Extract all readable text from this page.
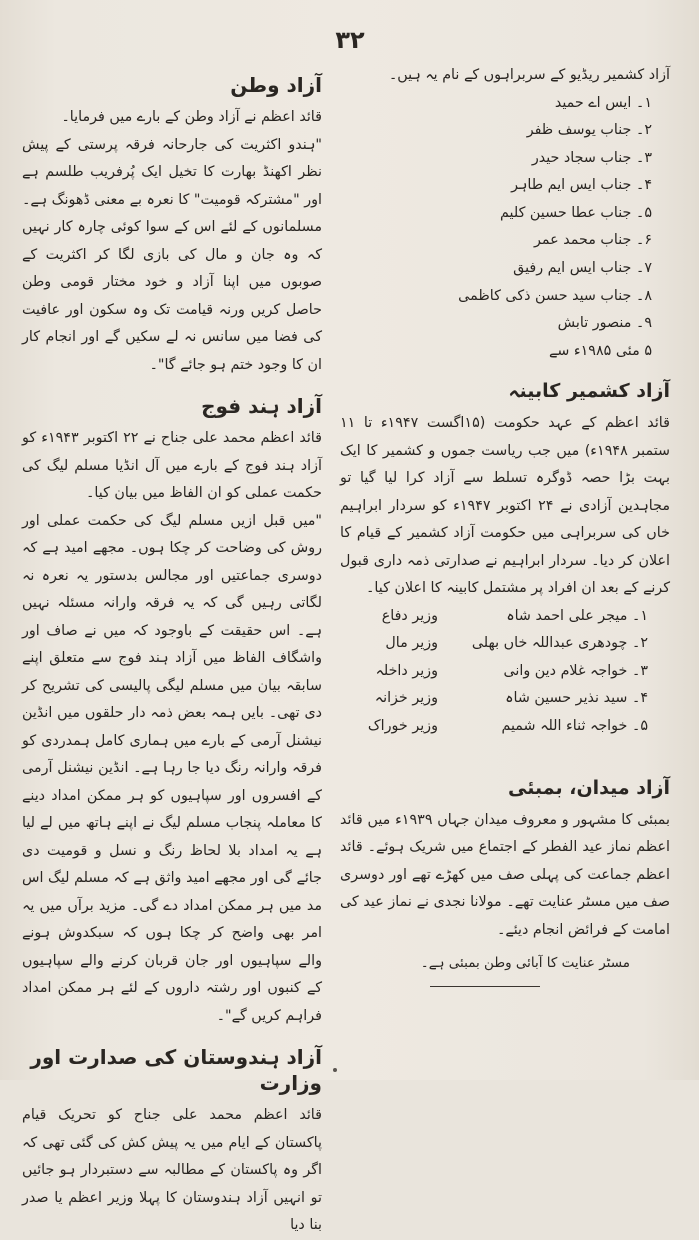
۳۲

آزاد کشمیر ریڈیو کے سربراہوں کے نام یہ ہیں۔

۱۔ ایس اے حمید
۲۔ جناب یوسف ظفر
۳۔ جناب سجاد حیدر
۴۔ جناب ایس ایم طاہر
۵۔ جناب عطا حسین کلیم
۶۔ جناب محمد عمر
۷۔ جناب ایس ایم رفیق
۸۔ جناب سید حسن ذکی کاظمی
۹۔ منصور تابش
۵ مئی ۱۹۸۵ء سے
آزاد کشمیر کابینہ

قائد اعظم کے عہد حکومت (۱۵اگست ۱۹۴۷ء تا ۱۱ ستمبر ۱۹۴۸ء) میں جب ریاست جموں و کشمیر کا ایک بہت بڑا حصہ ڈوگرہ تسلط سے آزاد کرا لیا گیا تو مجاہدین آزادی نے ۲۴ اکتوبر ۱۹۴۷ء کو سردار ابراہیم خاں کی سربراہی میں حکومت آزاد کشمیر کے قیام کا اعلان کر دیا۔ سردار ابراہیم نے صدارتی ذمہ داری قبول کرنے کے بعد ان افراد پر مشتمل کابینہ کا اعلان کیا۔

۱۔ میجر علی احمد شاہ
وزیر دفاع
۲۔ چودھری عبداللہ خاں بھلی
وزیر مال
۳۔ خواجہ غلام دین وانی
وزیر داخلہ
۴۔ سید نذیر حسین شاہ
وزیر خزانہ
۵۔ خواجہ ثناء اللہ شمیم
وزیر خوراک
آزاد میدان، بمبئی

بمبئی کا مشہور و معروف میدان جہاں ۱۹۳۹ء میں قائد اعظم نماز عید الفطر کے اجتماع میں شریک ہوئے۔ قائد اعظم جماعت کی پہلی صف میں کھڑے تھے اور دوسری صف میں مسٹر عنایت تھے۔ مولانا نجدی نے نماز عید کی امامت کے فرائض انجام دیئے۔

مسٹر عنایت کا آبائی وطن بمبئی ہے۔

آزاد وطن

قائد اعظم نے آزاد وطن کے بارے میں فرمایا۔

"ہندو اکثریت کی جارحانہ فرقہ پرستی کے پیش نظر اکھنڈ بھارت کا تخیل ایک پُرفریب طلسم ہے اور "مشترکہ قومیت" کا نعرہ بے معنی ڈھونگ ہے۔ مسلمانوں کے لئے اس کے سوا کوئی چارہ کار نہیں کہ وہ جان و مال کی بازی لگا کر اکثریت کے صوبوں میں اپنا آزاد و خود مختار قومی وطن حاصل کریں ورنہ قیامت تک وہ سکون اور عافیت کی فضا میں سانس نہ لے سکیں گے اور انجام کار ان کا وجود ختم ہو جائے گا"۔

آزاد ہند فوج

قائد اعظم محمد علی جناح نے ۲۲ اکتوبر ۱۹۴۳ء کو آزاد ہند فوج کے بارے میں آل انڈیا مسلم لیگ کی حکمت عملی کو ان الفاظ میں بیان کیا۔

"میں قبل ازیں مسلم لیگ کی حکمت عملی اور روش کی وضاحت کر چکا ہوں۔ مجھے امید ہے کہ دوسری جماعتیں اور مجالس بدستور یہ نعرہ نہ لگاتی رہیں گی کہ یہ فرقہ وارانہ مسئلہ نہیں ہے۔ اس حقیقت کے باوجود کہ میں نے صاف اور واشگاف الفاظ میں آزاد ہند فوج سے متعلق اپنے سابقہ بیان میں مسلم لیگی پالیسی کی تشریح کر دی تھی۔ بایں ہمہ بعض ذمہ دار حلقوں میں انڈین نیشنل آرمی کے بارے میں ہماری کامل ہمدردی کو فرقہ وارانہ رنگ دیا جا رہا ہے۔ انڈین نیشنل آرمی کے افسروں اور سپاہیوں کو ہر ممکن امداد دینے کا معاملہ پنجاب مسلم لیگ نے اپنے ہاتھ میں لے لیا ہے یہ امداد بلا لحاظ رنگ و نسل و قومیت دی جائے گی اور مجھے امید واثق ہے کہ مسلم لیگ اس مد میں ہر ممکن امداد دے گی۔ مزید برآں میں یہ امر بھی واضح کر چکا ہوں کہ سبکدوش ہونے والے سپاہیوں اور جان قربان کرنے والے سپاہیوں کے کنبوں اور رشتہ داروں کے لئے ہر ممکن امداد فراہم کریں گے"۔

آزاد ہندوستان کی صدارت اور وزارت

قائد اعظم محمد علی جناح کو تحریک قیام پاکستان کے ایام میں یہ پیش کش کی گئی تھی کہ اگر وہ پاکستان کے مطالبہ سے دستبردار ہو جائیں تو انہیں آزاد ہندوستان کا پہلا وزیر اعظم یا صدر بنا دیا
